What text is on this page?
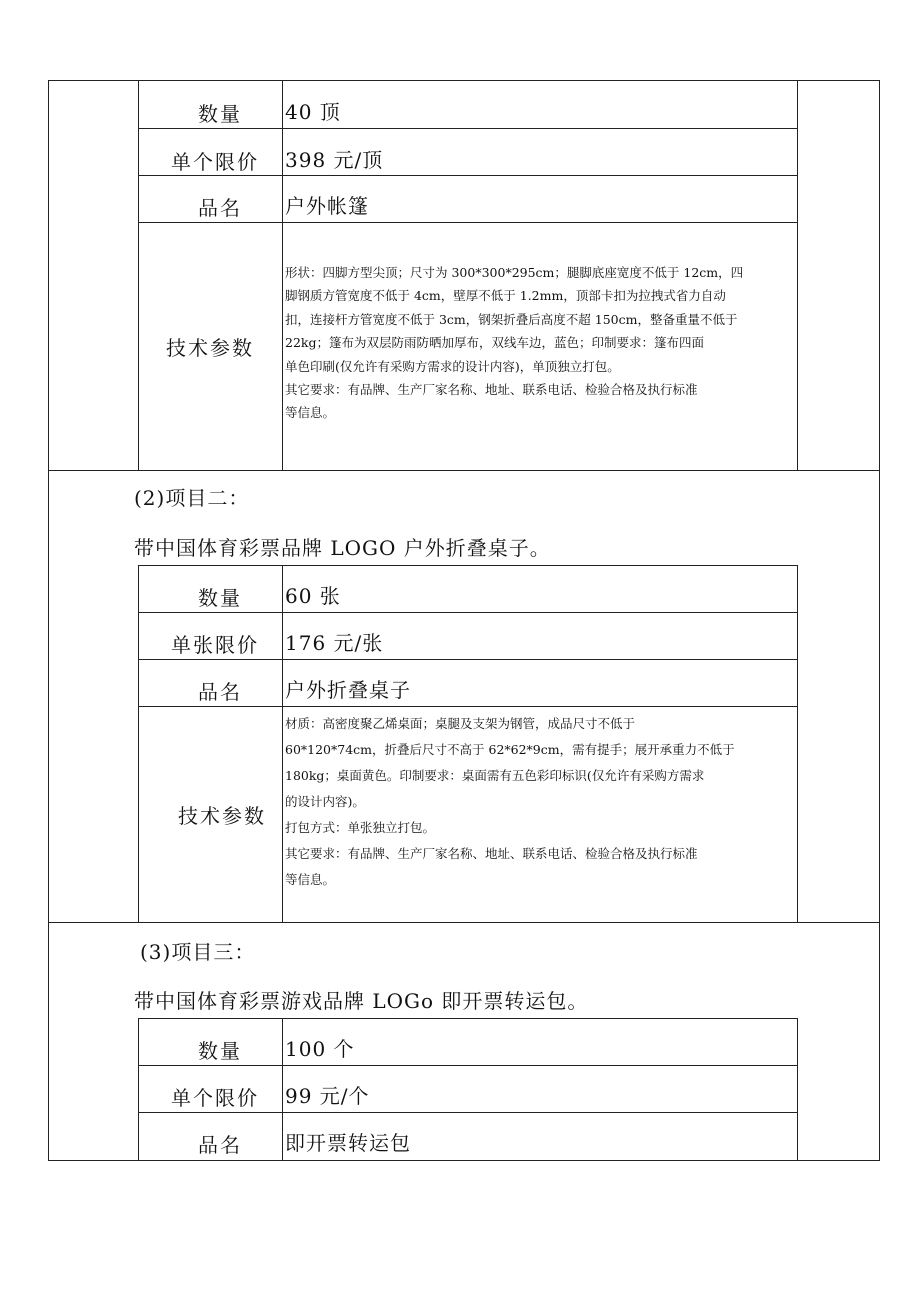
数量	40 顶
单个限价	398 元/顶
品名	户外帐篷
技术参数
形状：四脚方型尖顶；尺寸为 300*300*295cm；腿脚底座宽度不低于 12cm，四
脚钢质方管宽度不低于 4cm，壁厚不低于 1.2mm，顶部卡扣为拉拽式省力自动
扣，连接杆方管宽度不低于 3cm，钢架折叠后高度不超 150cm，整备重量不低于
22kg；篷布为双层防雨防晒加厚布，双线车边，蓝色；印制要求：篷布四面
单色印刷(仅允许有采购方需求的设计内容)，单顶独立打包。
其它要求：有品牌、生产厂家名称、地址、联系电话、检验合格及执行标准
等信息。
(2)项目二：
带中国体育彩票品牌 LOGO 户外折叠桌子。
数量	60 张
单张限价	176 元/张
品名	户外折叠桌子
技术参数
材质：高密度聚乙烯桌面；桌腿及支架为钢管，成品尺寸不低于
60*120*74cm，折叠后尺寸不高于 62*62*9cm，需有提手；展开承重力不低于
180kg；桌面黄色。印制要求：桌面需有五色彩印标识(仅允许有采购方需求
的设计内容)。
打包方式：单张独立打包。
其它要求：有品牌、生产厂家名称、地址、联系电话、检验合格及执行标准
等信息。
(3)项目三：
带中国体育彩票游戏品牌 LOGo 即开票转运包。
数量	100 个
单个限价	99 元/个
品名	即开票转运包
